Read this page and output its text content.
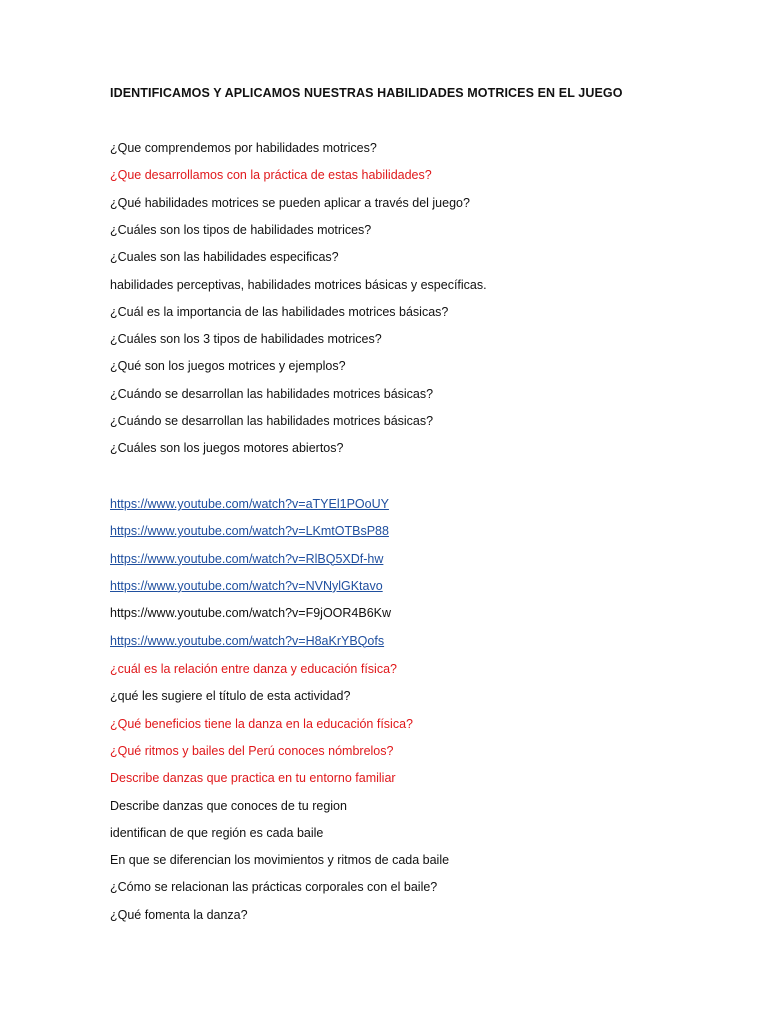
IDENTIFICAMOS Y APLICAMOS NUESTRAS HABILIDADES MOTRICES EN EL JUEGO
¿Que comprendemos por habilidades motrices?
¿Que desarrollamos con la práctica de estas habilidades?
¿Qué habilidades motrices se pueden aplicar a través del juego?
¿Cuáles son los tipos de habilidades motrices?
¿Cuales son las habilidades especificas?
habilidades perceptivas, habilidades motrices básicas y específicas.
¿Cuál es la importancia de las habilidades motrices básicas?
¿Cuáles son los 3 tipos de habilidades motrices?
¿Qué son los juegos motrices y ejemplos?
¿Cuándo se desarrollan las habilidades motrices básicas?
¿Cuándo se desarrollan las habilidades motrices básicas?
¿Cuáles son los juegos motores abiertos?
https://www.youtube.com/watch?v=aTYEl1POoUY
https://www.youtube.com/watch?v=LKmtOTBsP88
https://www.youtube.com/watch?v=RlBQ5XDf-hw
https://www.youtube.com/watch?v=NVNylGKtavo
https://www.youtube.com/watch?v=F9jOOR4B6Kw
https://www.youtube.com/watch?v=H8aKrYBQofs
¿cuál es la relación entre danza y educación física?
¿qué les sugiere el título de esta actividad?
¿Qué beneficios tiene la danza en la educación física?
¿Qué ritmos y bailes del Perú conoces nómbrelos?
Describe danzas que practica en tu entorno familiar
Describe danzas que conoces de tu region
identifican de que región es cada baile
En que se diferencian los movimientos y ritmos de cada baile
¿Cómo se relacionan las prácticas corporales con el baile?
¿Qué fomenta la danza?
